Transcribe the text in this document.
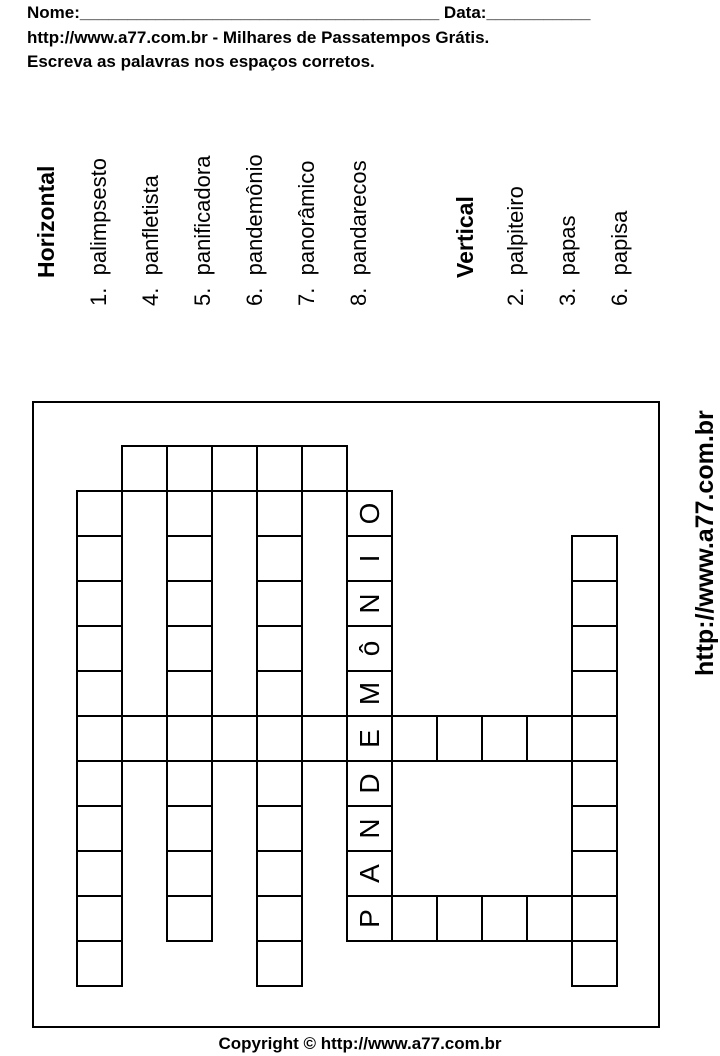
Nome:______________________________________ Data:___________
http://www.a77.com.br - Milhares de Passatempos Grátis.
Escreva as palavras nos espaços corretos.
Horizontal
1.  palimpsesto
4.  panfletista
5.  panificadora
6.  pandemônio
7.  panorâmico
8.  pandarecos	Vertical
2.  palpiteiro
3.  papas
6.  papisa
P
A
N
D
E
M
ô
N
I
O	http://www.a77.com.br
Copyright © http://www.a77.com.br
